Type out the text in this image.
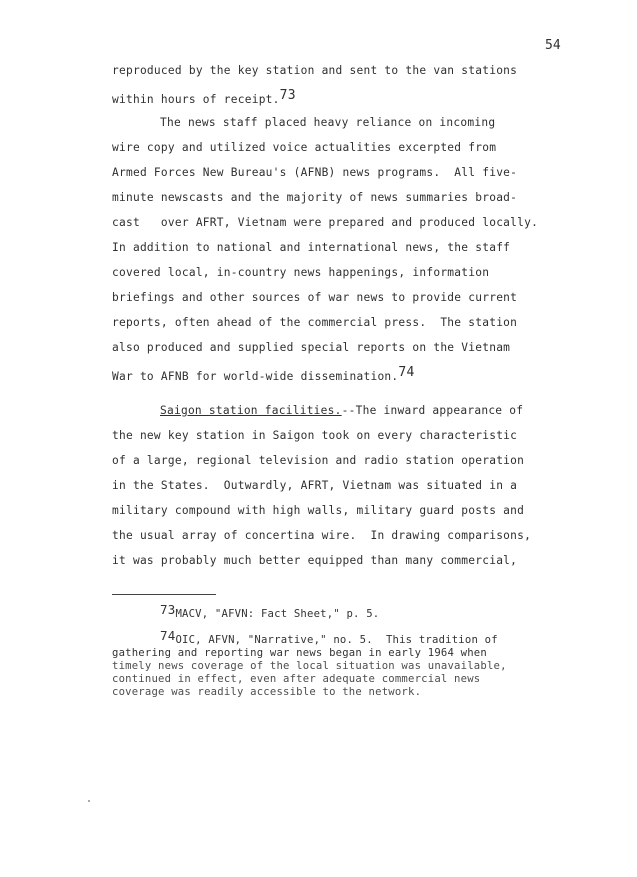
54
reproduced by the key station and sent to the van stations
within hours of receipt.73
The news staff placed heavy reliance on incoming
wire copy and utilized voice actualities excerpted from
Armed Forces New Bureau's (AFNB) news programs.  All five-
minute newscasts and the majority of news summaries broad-
cast   over AFRT, Vietnam were prepared and produced locally.
In addition to national and international news, the staff
covered local, in-country news happenings, information
briefings and other sources of war news to provide current
reports, often ahead of the commercial press.  The station
also produced and supplied special reports on the Vietnam
War to AFNB for world-wide dissemination.74
Saigon station facilities.--The inward appearance of
the new key station in Saigon took on every characteristic
of a large, regional television and radio station operation
in the States.  Outwardly, AFRT, Vietnam was situated in a
military compound with high walls, military guard posts and
the usual array of concertina wire.  In drawing comparisons,
it was probably much better equipped than many commercial,
73MACV, "AFVN: Fact Sheet," p. 5.
74OIC, AFVN, "Narrative," no. 5.  This tradition of
gathering and reporting war news began in early 1964 when
timely news coverage of the local situation was unavailable,
continued in effect, even after adequate commercial news
coverage was readily accessible to the network.
